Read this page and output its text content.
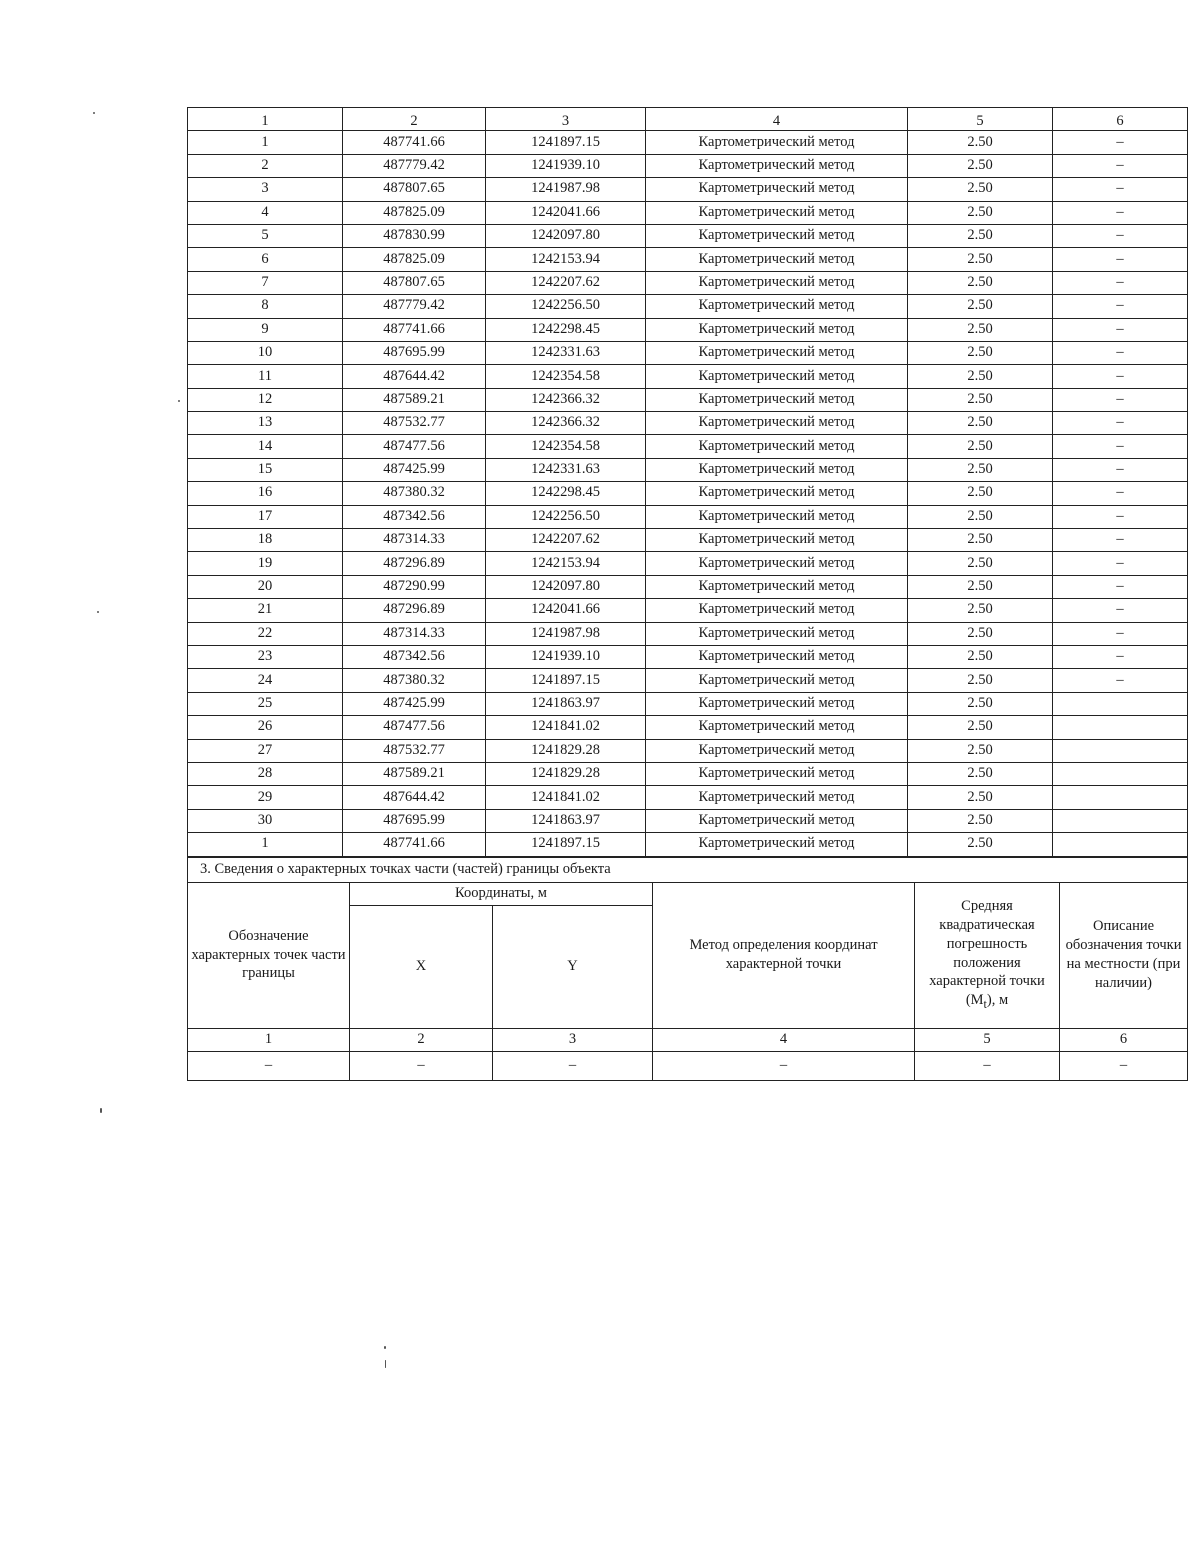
1	2	3	4	5	6
1	487741.66	1241897.15	Картометрический метод	2.50	–
2	487779.42	1241939.10	Картометрический метод	2.50	–
3	487807.65	1241987.98	Картометрический метод	2.50	–
4	487825.09	1242041.66	Картометрический метод	2.50	–
5	487830.99	1242097.80	Картометрический метод	2.50	–
6	487825.09	1242153.94	Картометрический метод	2.50	–
7	487807.65	1242207.62	Картометрический метод	2.50	–
8	487779.42	1242256.50	Картометрический метод	2.50	–
9	487741.66	1242298.45	Картометрический метод	2.50	–
10	487695.99	1242331.63	Картометрический метод	2.50	–
11	487644.42	1242354.58	Картометрический метод	2.50	–
12	487589.21	1242366.32	Картометрический метод	2.50	–
13	487532.77	1242366.32	Картометрический метод	2.50	–
14	487477.56	1242354.58	Картометрический метод	2.50	–
15	487425.99	1242331.63	Картометрический метод	2.50	–
16	487380.32	1242298.45	Картометрический метод	2.50	–
17	487342.56	1242256.50	Картометрический метод	2.50	–
18	487314.33	1242207.62	Картометрический метод	2.50	–
19	487296.89	1242153.94	Картометрический метод	2.50	–
20	487290.99	1242097.80	Картометрический метод	2.50	–
21	487296.89	1242041.66	Картометрический метод	2.50	–
22	487314.33	1241987.98	Картометрический метод	2.50	–
23	487342.56	1241939.10	Картометрический метод	2.50	–
24	487380.32	1241897.15	Картометрический метод	2.50	–
25	487425.99	1241863.97	Картометрический метод	2.50	
26	487477.56	1241841.02	Картометрический метод	2.50	
27	487532.77	1241829.28	Картометрический метод	2.50	
28	487589.21	1241829.28	Картометрический метод	2.50	
29	487644.42	1241841.02	Картометрический метод	2.50	
30	487695.99	1241863.97	Картометрический метод	2.50	
1	487741.66	1241897.15	Картометрический метод	2.50	
3. Сведения о характерных точках части (частей) границы объекта					
Обозначение характерных точек части границы	Координаты, м		Метод определения координат характерной точки	Средняя квадратическая погрешность положения характерной точки $(M_t)$, м	Описание обозначения точки на местности (при наличии)
	X	Y			
1	2	3	4	5	6
–	–	–	–	–	–
